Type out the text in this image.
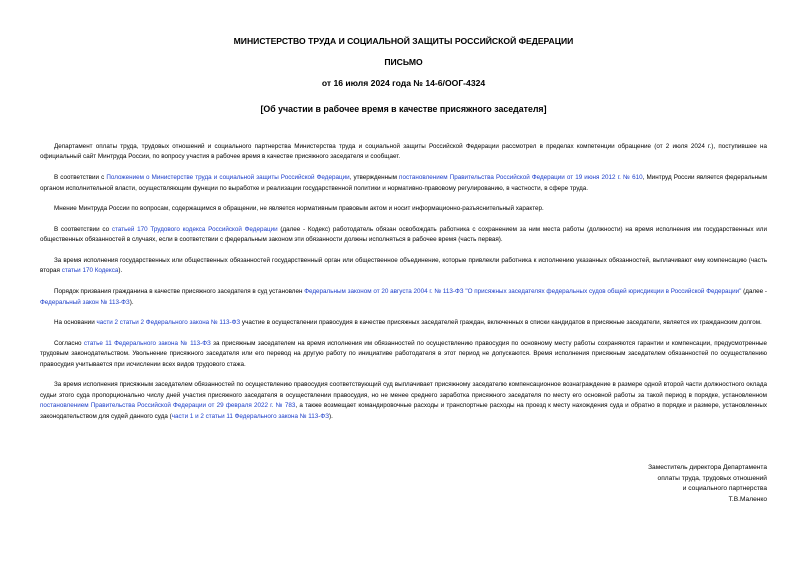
МИНИСТЕРСТВО ТРУДА И СОЦИАЛЬНОЙ ЗАЩИТЫ РОССИЙСКОЙ ФЕДЕРАЦИИ
ПИСЬМО
от 16 июля 2024 года № 14-6/ООГ-4324
[Об участии в рабочее время в качестве присяжного заседателя]

Департамент оплаты труда, трудовых отношений и социального партнерства Министерства труда и социальной защиты Российской Федерации рассмотрел в пределах компетенции обращение (от 2 июля 2024 г.), поступившее на официальный сайт Минтруда России, по вопросу участия в рабочее время в качестве присяжного заседателя и сообщает.

В соответствии с Положением о Министерстве труда и социальной защиты Российской Федерации, утвержденным постановлением Правительства Российской Федерации от 19 июня 2012 г. № 610, Минтруд России является федеральным органом исполнительной власти, осуществляющим функции по выработке и реализации государственной политики и нормативно-правовому регулированию, в частности, в сфере труда.

Мнение Минтруда России по вопросам, содержащимся в обращении, не является нормативным правовым актом и носит информационно-разъяснительный характер.

В соответствии со статьей 170 Трудового кодекса Российской Федерации (далее - Кодекс) работодатель обязан освобождать работника с сохранением за ним места работы (должности) на время исполнения им государственных или общественных обязанностей в случаях, если в соответствии с федеральным законом эти обязанности должны исполняться в рабочее время (часть первая).

За время исполнения государственных или общественных обязанностей государственный орган или общественное объединение, которые привлекли работника к исполнению указанных обязанностей, выплачивают ему компенсацию (часть вторая статьи 170 Кодекса).

Порядок призвания гражданина в качестве присяжного заседателя в суд установлен Федеральным законом от 20 августа 2004 г. № 113-ФЗ "О присяжных заседателях федеральных судов общей юрисдикции в Российской Федерации" (далее - Федеральный закон № 113-ФЗ).

На основании части 2 статьи 2 Федерального закона № 113-ФЗ участие в осуществлении правосудия в качестве присяжных заседателей граждан, включенных в списки кандидатов в присяжные заседатели, является их гражданским долгом.

Согласно статье 11 Федерального закона № 113-ФЗ за присяжным заседателем на время исполнения им обязанностей по осуществлению правосудия по основному месту работы сохраняются гарантии и компенсации, предусмотренные трудовым законодательством. Увольнение присяжного заседателя или его перевод на другую работу по инициативе работодателя в этот период не допускаются. Время исполнения присяжным заседателем обязанностей по осуществлению правосудия учитывается при исчислении всех видов трудового стажа.

За время исполнения присяжным заседателем обязанностей по осуществлению правосудия соответствующий суд выплачивает присяжному заседателю компенсационное вознаграждение в размере одной второй части должностного оклада судьи этого суда пропорционально числу дней участия присяжного заседателя в осуществлении правосудия, но не менее среднего заработка присяжного заседателя по месту его основной работы за такой период в порядке, установленном постановлением Правительства Российской Федерации от 29 февраля 2022 г. № 783, а также возмещает командировочные расходы и транспортные расходы на проезд к месту нахождения суда и обратно в порядке и размере, установленных законодательством для судей данного суда (части 1 и 2 статьи 11 Федерального закона № 113-ФЗ).

Заместитель директора Департамента
оплаты труда, трудовых отношений
и социального партнерства
Т.В.Маленко
